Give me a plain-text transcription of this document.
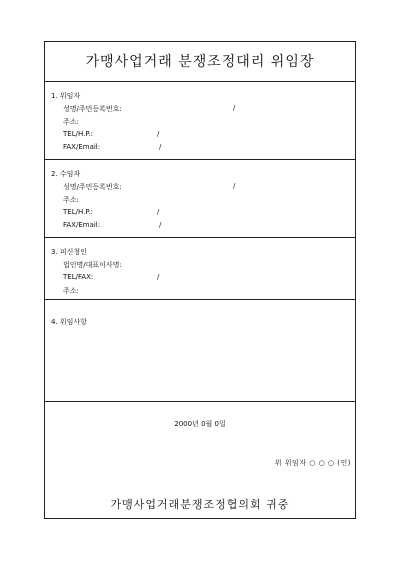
가맹사업거래 분쟁조정대리 위임장
1. 위임자
성명/주민등록번호:	/
주소:
TEL/H.P.:	/
FAX/Email:	/
2. 수임자
성명/주민등록번호:	/
주소:
TEL/H.P.:	/
FAX/Email:	/
3. 피신청인
법인명/대표이사명:
TEL/FAX:	/
주소:
4. 위임사항
2000년 0월 0일
위 위임자 ○ ○ ○ (인)
가맹사업거래분쟁조정협의회 귀중
